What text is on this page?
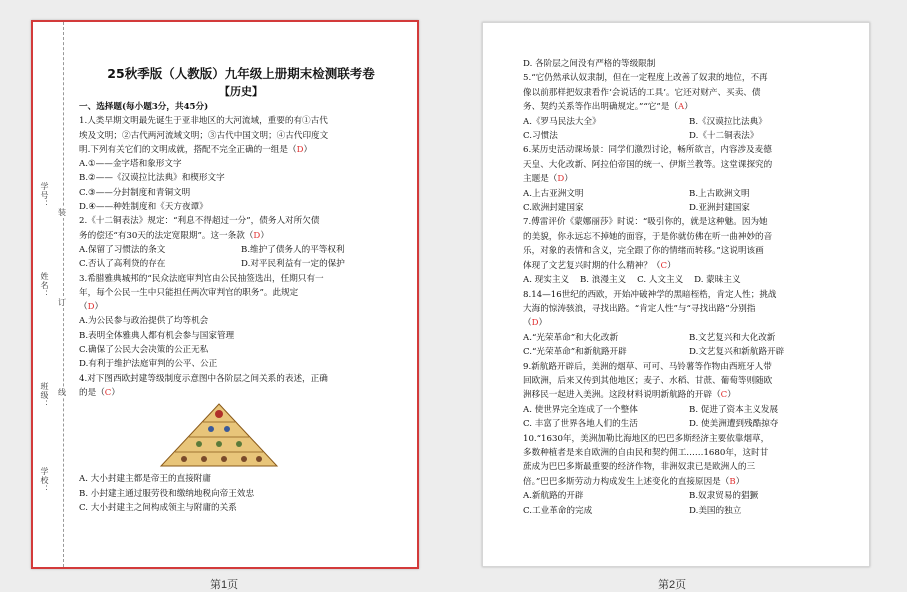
学号：
姓名：
班级：
学校：
装
订
线
25秋季版（人教版）九年级上册期末检测联考卷
【历史】
一、选择题(每小题3分，共45分)
1.人类早期文明最先诞生于亚非地区的大河流域，重要的有①古代
埃及文明；②古代两河流域文明；③古代中国文明；④古代印度文
明.下列有关它们的文明成就，搭配不完全正确的一组是（D）
A.①——金字塔和象形文字
B.②——《汉谟拉比法典》和楔形文字
C.③——分封制度和青铜文明
D.④——种姓制度和《天方夜谭》
2.《十二铜表法》规定：“利息不得超过一分”，债务人对所欠债
务的偿还“有30天的法定宽限期”。这一条款（D）
A.保留了习惯法的条文	B.维护了债务人的平等权利
C.否认了高利贷的存在	D.对平民利益有一定的保护
3.希腊雅典城邦的“民众法庭审判官由公民抽签选出，任期只有一
年，每个公民一生中只能担任两次审判官的职务”。此规定
（D）
A.为公民参与政治提供了均等机会
B.表明全体雅典人都有机会参与国家管理
C.确保了公民大会决策的公正无私
D.有利于维护法庭审判的公平、公正
4.对下图西欧封建等级制度示意图中各阶层之间关系的表述，正确
的是（C）
A. 大小封建主都是帝王的直接附庸
B. 小封建主通过服劳役和缴纳地税向帝王效忠
C. 大小封建主之间构成领主与附庸的关系
第1页
D. 各阶层之间没有严格的等级限制
5.“它仍然承认奴隶制，但在一定程度上改善了奴隶的地位，不再
像以前那样把奴隶看作‘会说话的工具’。它还对财产、买卖、债
务、契约关系等作出明确规定。”“它”是（A）
A.《罗马民法大全》	B.《汉谟拉比法典》
C.习惯法	D.《十二铜表法》
6.某历史活动课场景：同学们激烈讨论，畅所欲言，内容涉及麦德
天皇、大化改新、阿拉伯帝国的统一、伊斯兰教等。这堂课探究的
主题是（D）
A.上古亚洲文明	B.上古欧洲文明
C.欧洲封建国家	D.亚洲封建国家
7.傅雷评价《蒙娜丽莎》时说：“吸引你的，就是这种魅。因为她
的美貌，你永远忘不掉她的面容，于是你就仿佛在听一曲神妙的音
乐，对象的表情和含义，完全跟了你的情绪而转移。”这说明该画
体现了文艺复兴时期的什么精神？（C）
A. 现实主义 B. 浪漫主义 C. 人文主义 D. 蒙昧主义
8.14—16世纪的西欧，开始冲破神学的黑暗桎梏，肯定人性；挑战
大海的惊涛骇浪，寻找出路。“肯定人性”与“寻找出路”分别指
（D）
A.“光荣革命”和大化改新	B.文艺复兴和大化改新
C.“光荣革命”和新航路开辟	D.文艺复兴和新航路开辟
9.新航路开辟后，美洲的烟草、可可、马铃薯等作物由西班牙人带
回欧洲，后来又传到其他地区；麦子、水稻、甘蔗、葡萄等则随欧
洲移民一起进入美洲。这段材料说明新航路的开辟（C）
A. 使世界完全连成了一个整体	B. 促进了资本主义发展
C. 丰富了世界各地人们的生活	D. 使美洲遭到残酷掠夺
10.“1630年，美洲加勒比海地区的巴巴多斯经济主要依靠烟草，
多数种植者是来自欧洲的自由民和契约佣工……1680年，这时甘
蔗成为巴巴多斯最重要的经济作物，非洲奴隶已是欧洲人的三
倍。”巴巴多斯劳动力构成发生上述变化的直接原因是（B）
A.新航路的开辟	B.奴隶贸易的猖獗
C.工业革命的完成	D.美国的独立
第2页
